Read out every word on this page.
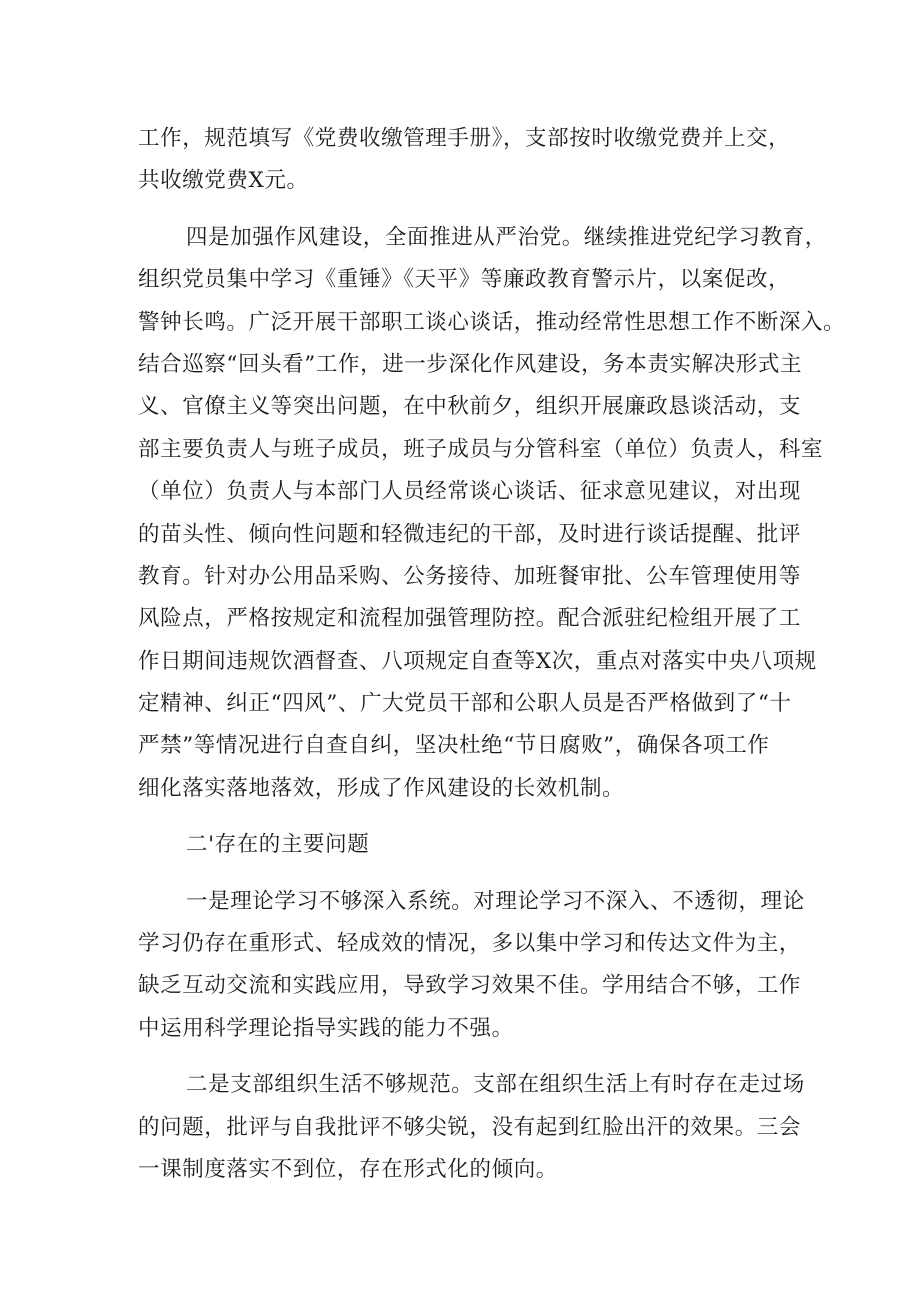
工作，规范填写《党费收缴管理手册》，支部按时收缴党费并上交，
共收缴党费X元。
四是加强作风建设，全面推进从严治党。继续推进党纪学习教育，
组织党员集中学习《重锤》《天平》等廉政教育警示片，以案促改，
警钟长鸣。广泛开展干部职工谈心谈话，推动经常性思想工作不断深入。
结合巡察“回头看”工作，进一步深化作风建设，务本责实解决形式主
义、官僚主义等突出问题，在中秋前夕，组织开展廉政恳谈活动，支
部主要负责人与班子成员，班子成员与分管科室（单位）负责人，科室
（单位）负责人与本部门人员经常谈心谈话、征求意见建议，对出现
的苗头性、倾向性问题和轻微违纪的干部，及时进行谈话提醒、批评
教育。针对办公用品采购、公务接待、加班餐审批、公车管理使用等
风险点，严格按规定和流程加强管理防控。配合派驻纪检组开展了工
作日期间违规饮酒督查、八项规定自查等X次，重点对落实中央八项规
定精神、纠正“四风”、广大党员干部和公职人员是否严格做到了“十
严禁”等情况进行自查自纠，坚决杜绝“节日腐败”，确保各项工作
细化落实落地落效，形成了作风建设的长效机制。
二'存在的主要问题
一是理论学习不够深入系统。对理论学习不深入、不透彻，理论
学习仍存在重形式、轻成效的情况，多以集中学习和传达文件为主，
缺乏互动交流和实践应用，导致学习效果不佳。学用结合不够，工作
中运用科学理论指导实践的能力不强。
二是支部组织生活不够规范。支部在组织生活上有时存在走过场
的问题，批评与自我批评不够尖锐，没有起到红脸出汗的效果。三会
一课制度落实不到位，存在形式化的倾向。
